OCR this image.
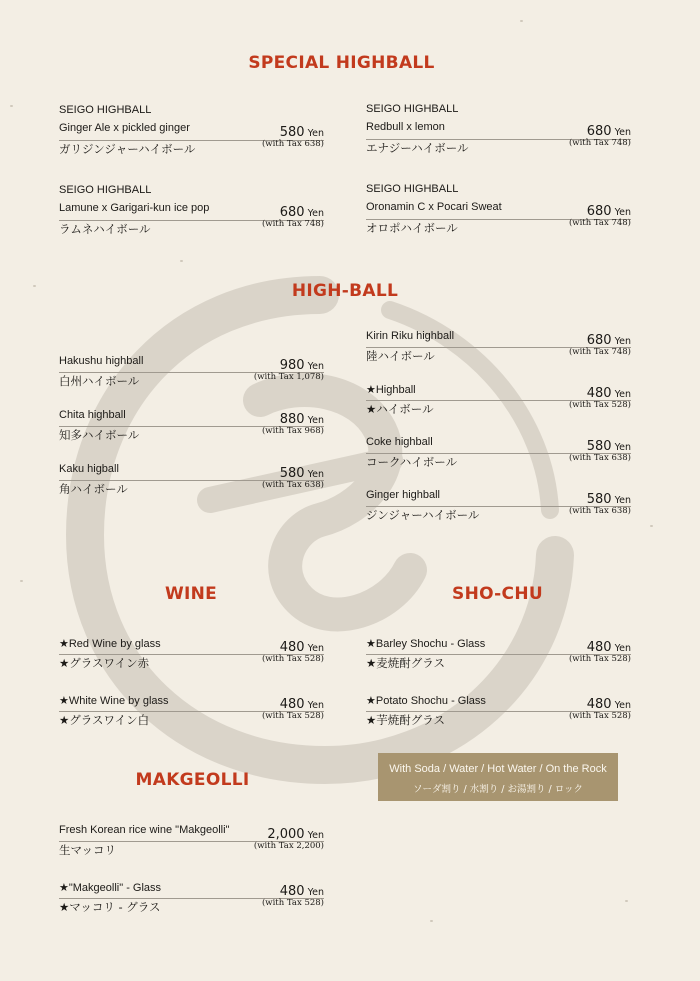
SPECIAL HIGHBALL
HIGH-BALL
WINE	SHO-CHU
MAKGEOLLI
SEIGO HIGHBALL
Ginger Ale x pickled ginger
ガリジンジャーハイボール
580 Yen
(with Tax 638)
SEIGO HIGHBALL
Redbull x lemon
エナジーハイボール
680 Yen
(with Tax 748)
SEIGO HIGHBALL
Lamune x Garigari-kun ice pop
ラムネハイボール
680 Yen
(with Tax 748)
SEIGO HIGHBALL
Oronamin C x Pocari Sweat
オロポハイボール
680 Yen
(with Tax 748)
Hakushu highball
白州ハイボール
980 Yen
(with Tax 1,078)
Chita highball
知多ハイボール
880 Yen
(with Tax 968)
Kaku higball
角ハイボール
580 Yen
(with Tax 638)
Kirin Riku highball
陸ハイボール
680 Yen
(with Tax 748)
★Highball
★ハイボール
480 Yen
(with Tax 528)
Coke highball
コークハイボール
580 Yen
(with Tax 638)
Ginger highball
ジンジャーハイボール
580 Yen
(with Tax 638)
★Red Wine by glass
★グラスワイン赤
480 Yen
(with Tax 528)
★White Wine by glass
★グラスワイン白
480 Yen
(with Tax 528)
★Barley Shochu - Glass
★麦焼酎グラス
480 Yen
(with Tax 528)
★Potato Shochu - Glass
★芋焼酎グラス
480 Yen
(with Tax 528)
With Soda / Water / Hot Water / On the Rock
ソーダ割り / 水割り / お湯割り / ロック
Fresh Korean rice wine "Makgeolli"
生マッコリ
2,000 Yen
(with Tax 2,200)
★"Makgeolli" - Glass
★マッコリ - グラス
480 Yen
(with Tax 528)
